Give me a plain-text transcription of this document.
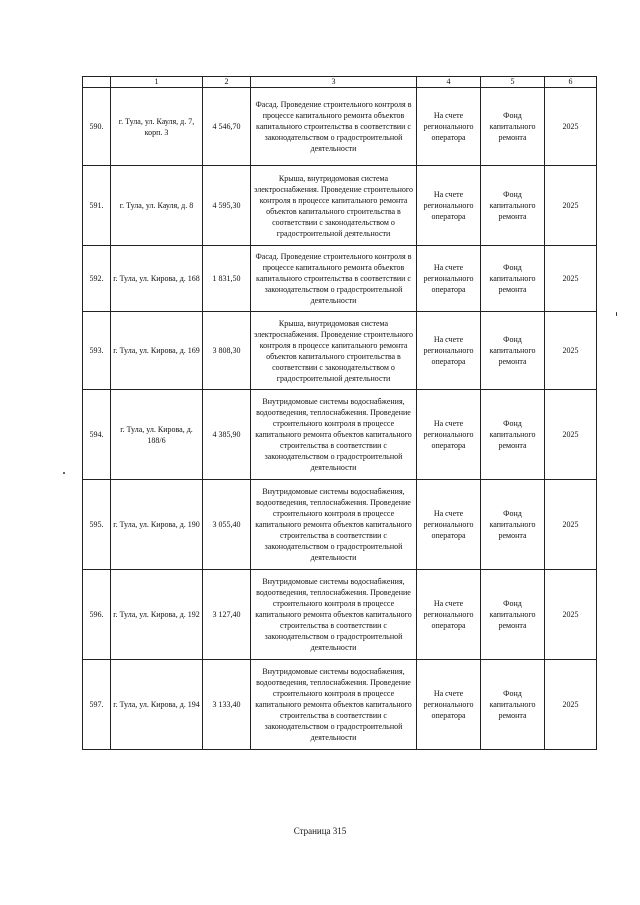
	1	2	3	4	5	6
590.	г. Тула, ул. Кауля, д. 7, корп. 3	4 546,70	Фасад. Проведение строительного контроля в процессе капитального ремонта объектов капитального строительства в соответствии с законодательством о градостроительной деятельности	На счете регионального оператора	Фонд капитального ремонта	2025
591.	г. Тула, ул. Кауля, д. 8	4 595,30	Крыша, внутридомовая система электроснабжения. Проведение строительного контроля в процессе капитального ремонта объектов капитального строительства в соответствии с законодательством о градостроительной деятельности	На счете регионального оператора	Фонд капитального ремонта	2025
592.	г. Тула, ул. Кирова, д. 168	1 831,50	Фасад. Проведение строительного контроля в процессе капитального ремонта объектов капитального строительства в соответствии с законодательством о градостроительной деятельности	На счете регионального оператора	Фонд капитального ремонта	2025
593.	г. Тула, ул. Кирова, д. 169	3 808,30	Крыша, внутридомовая система электроснабжения. Проведение строительного контроля в процессе капитального ремонта объектов капитального строительства в соответствии с законодательством о градостроительной деятельности	На счете регионального оператора	Фонд капитального ремонта	2025
594.	г. Тула, ул. Кирова, д. 188/6	4 385,90	Внутридомовые системы водоснабжения, водоотведения, теплоснабжения. Проведение строительного контроля в процессе капитального ремонта объектов капитального строительства в соответствии с законодательством о градостроительной деятельности	На счете регионального оператора	Фонд капитального ремонта	2025
595.	г. Тула, ул. Кирова, д. 190	3 055,40	Внутридомовые системы водоснабжения, водоотведения, теплоснабжения. Проведение строительного контроля в процессе капитального ремонта объектов капитального строительства в соответствии с законодательством о градостроительной деятельности	На счете регионального оператора	Фонд капитального ремонта	2025
596.	г. Тула, ул. Кирова, д. 192	3 127,40	Внутридомовые системы водоснабжения, водоотведения, теплоснабжения. Проведение строительного контроля в процессе капитального ремонта объектов капитального строительства в соответствии с законодательством о градостроительной деятельности	На счете регионального оператора	Фонд капитального ремонта	2025
597.	г. Тула, ул. Кирова, д. 194	3 133,40	Внутридомовые системы водоснабжения, водоотведения, теплоснабжения. Проведение строительного контроля в процессе капитального ремонта объектов капитального строительства в соответствии с законодательством о градостроительной деятельности	На счете регионального оператора	Фонд капитального ремонта	2025
Страница 315
